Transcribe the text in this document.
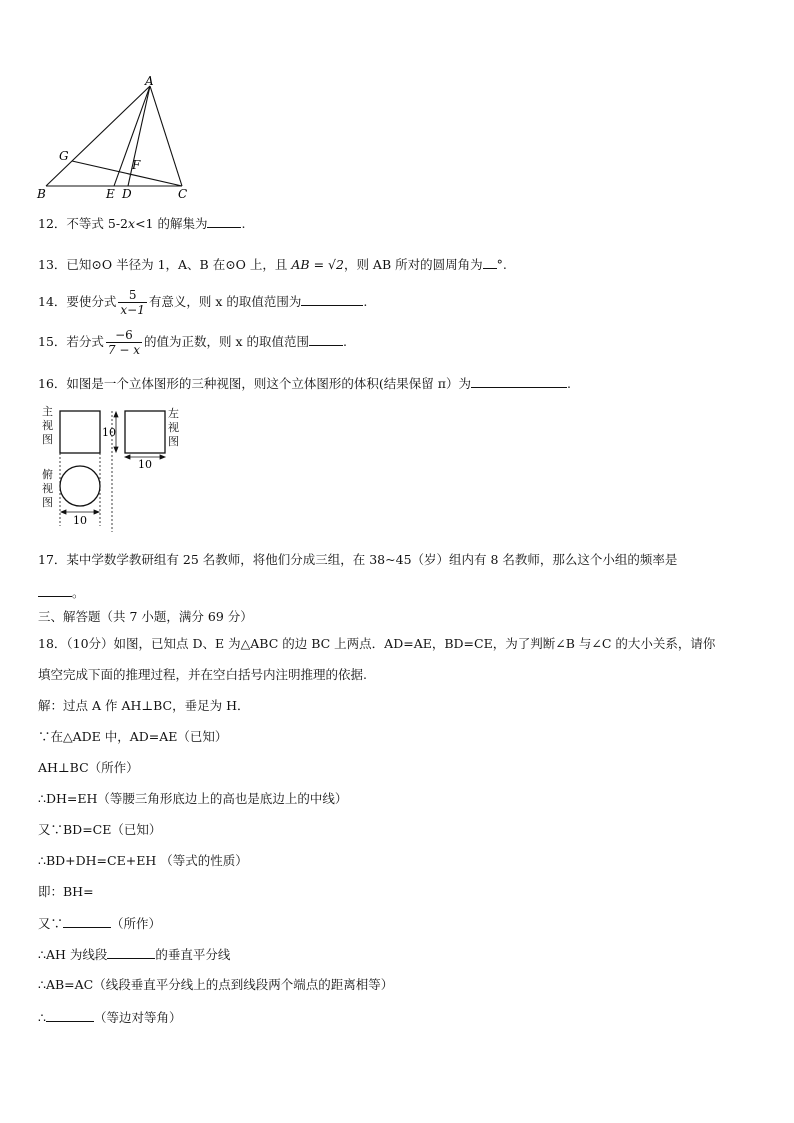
A
G
F
B	E D	C
12．不等式 5-2x<1 的解集为	.
13．已知⊙O 半径为 1，A、B 在⊙O 上，且 AB = √2，则 AB 所对的圆周角为 °.
14．要使分式 $\frac{5}{x-1}$ 有意义，则 x 的取值范围为	.
15．若分式 $\frac{-6}{7 - x}$ 的值为正数，则 x 的取值范围	.
16．如图是一个立体图形的三种视图，则这个立体图形的体积(结果保留 π）为	.
主
视
图
左
视
图
俯
视
图
10
10
10
17．某中学数学教研组有 25 名教师，将他们分成三组，在 38~45（岁）组内有 8 名教师，那么这个小组的频率是
。
三、解答题（共 7 小题，满分 69 分）
18．（10分）如图，已知点 D、E 为△ABC 的边 BC 上两点．AD=AE，BD=CE，为了判断∠B 与∠C 的大小关系，请你
填空完成下面的推理过程，并在空白括号内注明推理的依据.
解：过点 A 作 AH⊥BC，垂足为 H．
∵在△ADE 中，AD=AE（已知）
AH⊥BC（所作）
∴DH=EH（等腰三角形底边上的高也是底边上的中线）
又∵BD=CE（已知）
∴BD+DH=CE+EH （等式的性质）
即：BH=
又∵	（所作）
∴AH 为线段	的垂直平分线
∴AB=AC（线段垂直平分线上的点到线段两个端点的距离相等）
∴	（等边对等角）
